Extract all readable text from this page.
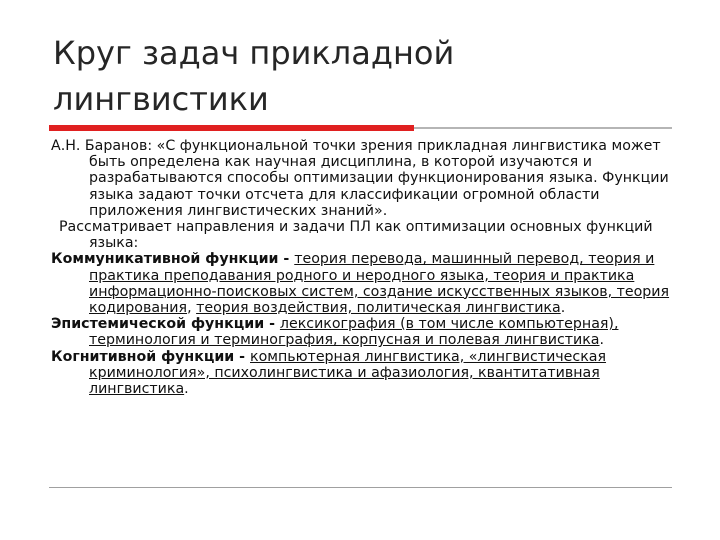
Круг задач прикладной
лингвистики

А.Н. Баранов: «С функциональной точки зрения прикладная лингвистика может быть определена как научная дисциплина, в которой изучаются и разрабатываются способы оптимизации функционирования языка. Функции языка задают точки отсчета для классификации огромной области приложения лингвистических знаний».

Рассматривает направления и задачи ПЛ как оптимизации основных функций языка:

Коммуникативной функции - теория перевода, машинный перевод, теория и практика преподавания родного и неродного языка, теория и практика информационно-поисковых систем, создание искусственных языков, теория кодирования, теория воздействия, политическая лингвистика.

Эпистемической функции - лексикография (в том числе компьютерная), терминология и терминография, корпусная и полевая лингвистика.

Когнитивной функции - компьютерная лингвистика, «лингвистическая криминология», психолингвистика и афазиология, квантитативная лингвистика.
